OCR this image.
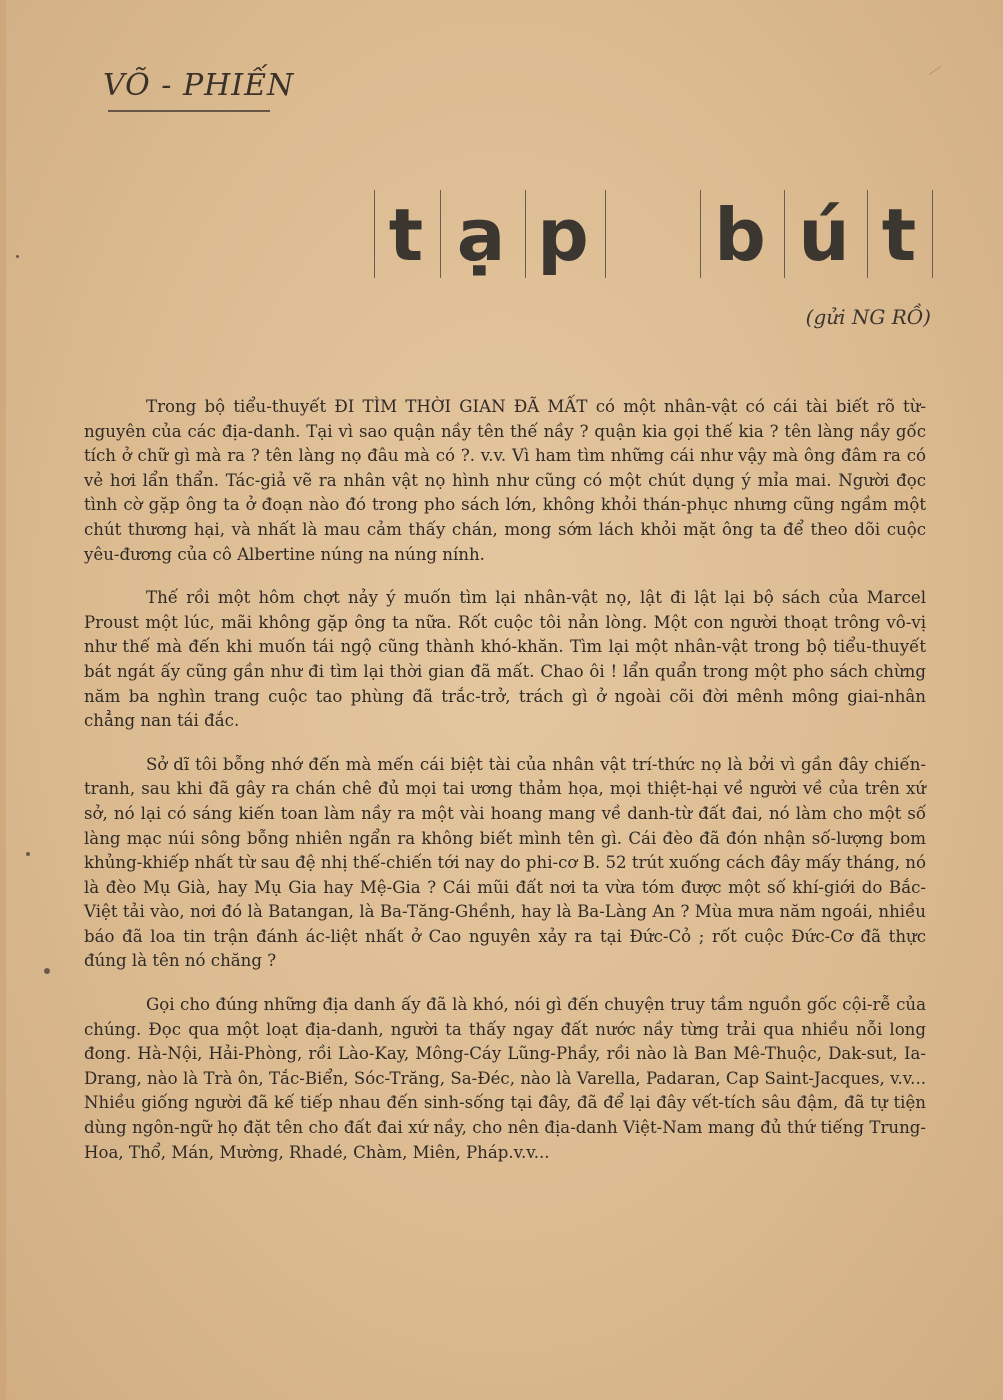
VÕ - PHIẾN
t ạ p b ú t
(gửi NG RỒ)

Trong bộ tiểu-thuyết ĐI TÌM THỜI GIAN ĐÃ MẤT có một nhân-vật có cái tài biết rõ từ-nguyên của các địa-danh. Tại vì sao quận nầy tên thế nầy ? quận kia gọi thế kia ? tên làng nầy gốc tích ở chữ gì mà ra ? tên làng nọ đâu mà có ?. v.v. Vì ham tìm những cái như vậy mà ông đâm ra có vẻ hơi lẩn thẩn. Tác-giả vẽ ra nhân vật nọ hình như cũng có một chút dụng ý mỉa mai. Người đọc tình cờ gặp ông ta ở đoạn nào đó trong pho sách lớn, không khỏi thán-phục nhưng cũng ngầm một chút thương hại, và nhất là mau cảm thấy chán, mong sớm lách khỏi mặt ông ta để theo dõi cuộc yêu-đương của cô Albertine núng na núng nính.

Thế rồi một hôm chợt nảy ý muốn tìm lại nhân-vật nọ, lật đi lật lại bộ sách của Marcel Proust một lúc, mãi không gặp ông ta nữa. Rốt cuộc tôi nản lòng. Một con người thoạt trông vô-vị như thế mà đến khi muốn tái ngộ cũng thành khó-khăn. Tìm lại một nhân-vật trong bộ tiểu-thuyết bát ngát ấy cũng gần như đi tìm lại thời gian đã mất. Chao ôi ! lẩn quẩn trong một pho sách chừng năm ba nghìn trang cuộc tao phùng đã trắc-trở, trách gì ở ngoài cõi đời mênh mông giai-nhân chẳng nan tái đắc.

Sở dĩ tôi bỗng nhớ đến mà mến cái biệt tài của nhân vật trí-thức nọ là bởi vì gần đây chiến-tranh, sau khi đã gây ra chán chê đủ mọi tai ương thảm họa, mọi thiệt-hại về người về của trên xứ sở, nó lại có sáng kiến toan làm nầy ra một vài hoang mang về danh-từ đất đai, nó làm cho một số làng mạc núi sông bỗng nhiên ngẩn ra không biết mình tên gì. Cái đèo đã đón nhận số-lượng bom khủng-khiếp nhất từ sau đệ nhị thế-chiến tới nay do phi-cơ B. 52 trút xuống cách đây mấy tháng, nó là đèo Mụ Già, hay Mụ Gia hay Mệ-Gia ? Cái mũi đất nơi ta vừa tóm được một số khí-giới do Bắc-Việt tải vào, nơi đó là Batangan, là Ba-Tăng-Ghềnh, hay là Ba-Làng An ? Mùa mưa năm ngoái, nhiều báo đã loa tin trận đánh ác-liệt nhất ở Cao nguyên xảy ra tại Đức-Cỏ ; rốt cuộc Đức-Cơ đã thực đúng là tên nó chăng ?

Gọi cho đúng những địa danh ấy đã là khó, nói gì đến chuyện truy tầm nguồn gốc cội-rễ của chúng. Đọc qua một loạt địa-danh, người ta thấy ngay đất nước nầy từng trải qua nhiều nỗi long đong. Hà-Nội, Hải-Phòng, rồi Lào-Kay, Mông-Cáy Lũng-Phầy, rồi nào là Ban Mê-Thuộc, Dak-sut, Ia-Drang, nào là Trà ôn, Tắc-Biển, Sóc-Trăng, Sa-Đéc, nào là Varella, Padaran, Cap Saint-Jacques, v.v... Nhiều giống người đã kế tiếp nhau đến sinh-sống tại đây, đã để lại đây vết-tích sâu đậm, đã tự tiện dùng ngôn-ngữ họ đặt tên cho đất đai xứ nầy, cho nên địa-danh Việt-Nam mang đủ thứ tiếng Trung-Hoa, Thổ, Mán, Mường, Rhadé, Chàm, Miên, Pháp.v.v...
